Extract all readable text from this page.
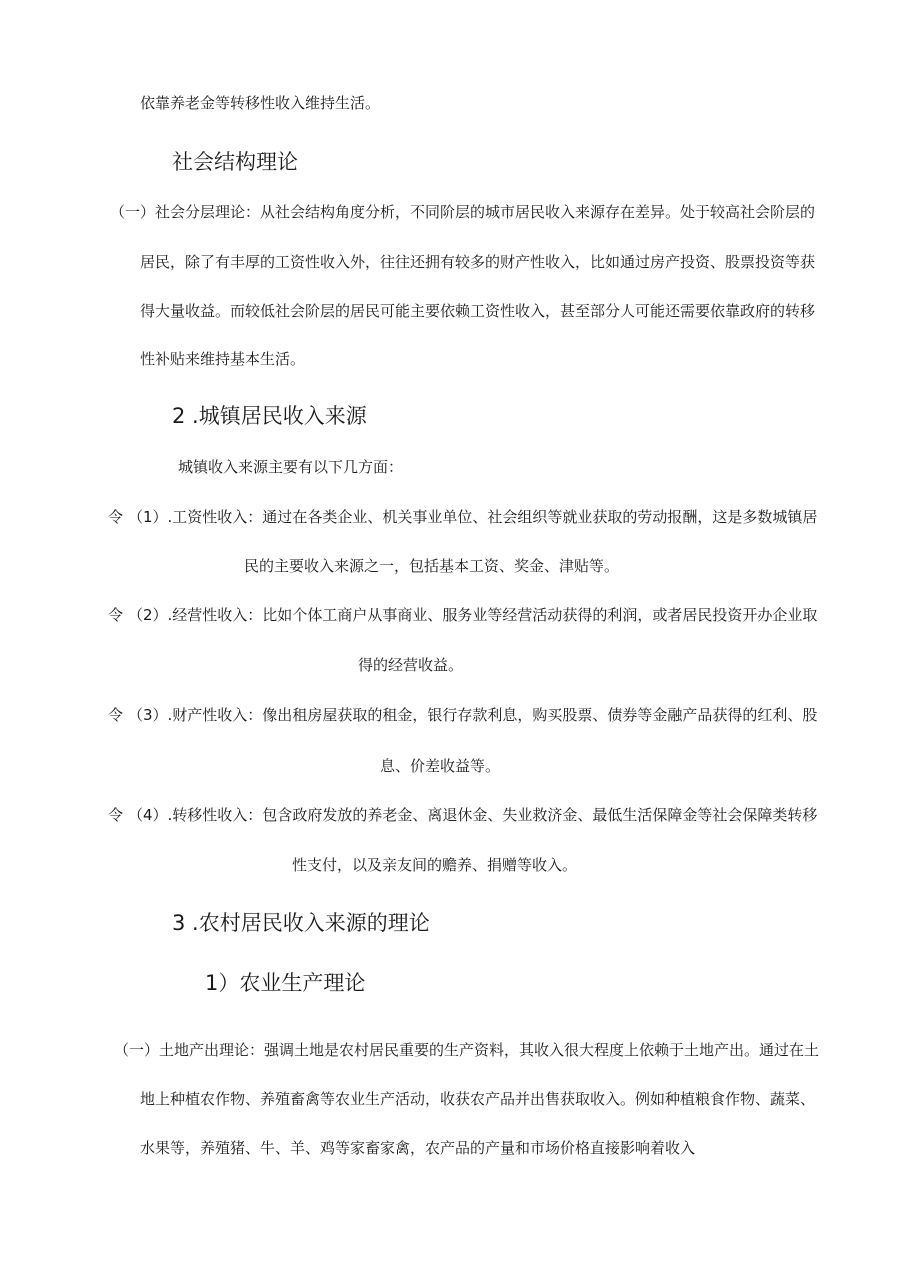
依靠养老金等转移性收入维持生活。
社会结构理论
（一）社会分层理论：从社会结构角度分析，不同阶层的城市居民收入来源存在差异。处于较高社会阶层的
居民，除了有丰厚的工资性收入外，往往还拥有较多的财产性收入，比如通过房产投资、股票投资等获
得大量收益。而较低社会阶层的居民可能主要依赖工资性收入，甚至部分人可能还需要依靠政府的转移
性补贴来维持基本生活。
2 .城镇居民收入来源
城镇收入来源主要有以下几方面：
令 （1）.工资性收入：通过在各类企业、机关事业单位、社会组织等就业获取的劳动报酬，这是多数城镇居
民的主要收入来源之一，包括基本工资、奖金、津贴等。
令 （2）.经营性收入：比如个体工商户从事商业、服务业等经营活动获得的利润，或者居民投资开办企业取
得的经营收益。
令 （3）.财产性收入：像出租房屋获取的租金，银行存款利息，购买股票、债券等金融产品获得的红利、股
息、价差收益等。
令 （4）.转移性收入：包含政府发放的养老金、离退休金、失业救济金、最低生活保障金等社会保障类转移
性支付，以及亲友间的赡养、捐赠等收入。
3 .农村居民收入来源的理论
1）农业生产理论
（一）土地产出理论：强调土地是农村居民重要的生产资料，其收入很大程度上依赖于土地产出。通过在土
地上种植农作物、养殖畜禽等农业生产活动，收获农产品并出售获取收入。例如种植粮食作物、蔬菜、
水果等，养殖猪、牛、羊、鸡等家畜家禽，农产品的产量和市场价格直接影响着收入
